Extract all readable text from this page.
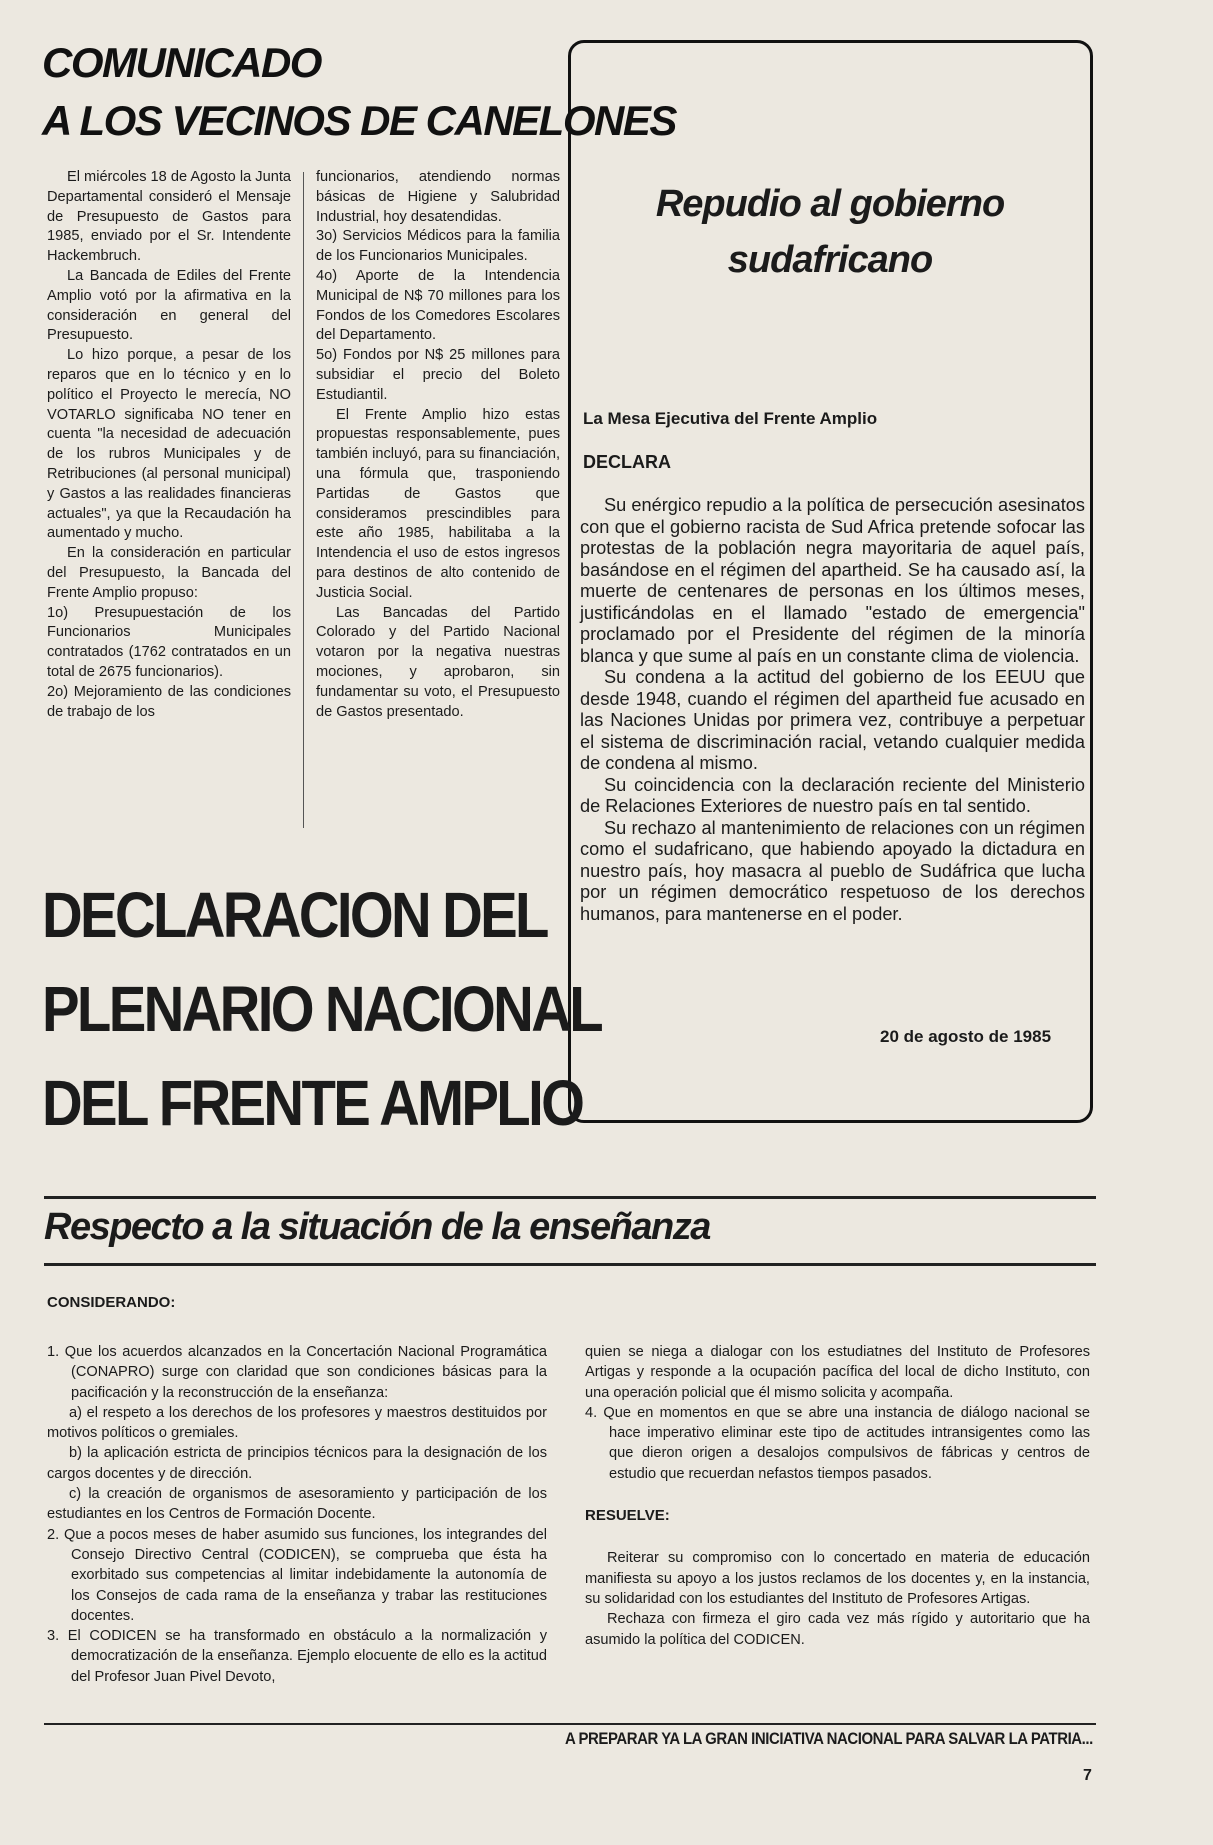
COMUNICADO
A LOS VECINOS DE CANELONES

El miércoles 18 de Agosto la Junta Departamental consideró el Mensaje de Presupuesto de Gastos para 1985, enviado por el Sr. Intendente Hackembruch.

La Bancada de Ediles del Frente Amplio votó por la afirmativa en la consideración en general del Presupuesto.

Lo hizo porque, a pesar de los reparos que en lo técnico y en lo político el Proyecto le merecía, NO VOTARLO significaba NO tener en cuenta "la necesidad de adecuación de los rubros Municipales y de Retribuciones (al personal municipal) y Gastos a las realidades financieras actuales", ya que la Recaudación ha aumentado y mucho.

En la consideración en particular del Presupuesto, la Bancada del Frente Amplio propuso:

1o) Presupuestación de los Funcionarios Municipales contratados (1762 contratados en un total de 2675 funcionarios).

2o) Mejoramiento de las condiciones de trabajo de los

funcionarios, atendiendo normas básicas de Higiene y Salubridad Industrial, hoy desatendidas.

3o) Servicios Médicos para la familia de los Funcionarios Municipales.

4o) Aporte de la Intendencia Municipal de N$ 70 millones para los Fondos de los Comedores Escolares del Departamento.

5o) Fondos por N$ 25 millones para subsidiar el precio del Boleto Estudiantil.

El Frente Amplio hizo estas propuestas responsablemente, pues también incluyó, para su financiación, una fórmula que, trasponiendo Partidas de Gastos que consideramos prescindibles para este año 1985, habilitaba a la Intendencia el uso de estos ingresos para destinos de alto contenido de Justicia Social.

Las Bancadas del Partido Colorado y del Partido Nacional votaron por la negativa nuestras mociones, y aprobaron, sin fundamentar su voto, el Presupuesto de Gastos presentado.

Repudio al gobierno
sudafricano

La Mesa Ejecutiva del Frente Amplio

DECLARA

Su enérgico repudio a la política de persecución asesinatos con que el gobierno racista de Sud Africa pretende sofocar las protestas de la población negra mayoritaria de aquel país, basándose en el régimen del apartheid. Se ha causado así, la muerte de centenares de personas en los últimos meses, justificándolas en el llamado "estado de emergencia" proclamado por el Presidente del régimen de la minoría blanca y que sume al país en un constante clima de violencia.

Su condena a la actitud del gobierno de los EEUU que desde 1948, cuando el régimen del apartheid fue acusado en las Naciones Unidas por primera vez, contribuye a perpetuar el sistema de discriminación racial, vetando cualquier medida de condena al mismo.

Su coincidencia con la declaración reciente del Ministerio de Relaciones Exteriores de nuestro país en tal sentido.

Su rechazo al mantenimiento de relaciones con un régimen como el sudafricano, que habiendo apoyado la dictadura en nuestro país, hoy masacra al pueblo de Sudáfrica que lucha por un régimen democrático respetuoso de los derechos humanos, para mantenerse en el poder.

20 de agosto de 1985

DECLARACION DEL
PLENARIO NACIONAL
DEL FRENTE AMPLIO
Respecto a la situación de la enseñanza

CONSIDERANDO:

1. Que los acuerdos alcanzados en la Concertación Nacional Programática (CONAPRO) surge con claridad que son condiciones básicas para la pacificación y la reconstrucción de la enseñanza:

a) el respeto a los derechos de los profesores y maestros destituidos por motivos políticos o gremiales.

b) la aplicación estricta de principios técnicos para la designación de los cargos docentes y de dirección.

c) la creación de organismos de asesoramiento y participación de los estudiantes en los Centros de Formación Docente.

2. Que a pocos meses de haber asumido sus funciones, los integrandes del Consejo Directivo Central (CODICEN), se comprueba que ésta ha exorbitado sus competencias al limitar indebidamente la autonomía de los Consejos de cada rama de la enseñanza y trabar las restituciones docentes.

3. El CODICEN se ha transformado en obstáculo a la normalización y democratización de la enseñanza. Ejemplo elocuente de ello es la actitud del Profesor Juan Pivel Devoto,

quien se niega a dialogar con los estudiatnes del Instituto de Profesores Artigas y responde a la ocupación pacífica del local de dicho Instituto, con una operación policial que él mismo solicita y acompaña.

4. Que en momentos en que se abre una instancia de diálogo nacional se hace imperativo eliminar este tipo de actitudes intransigentes como las que dieron origen a desalojos compulsivos de fábricas y centros de estudio que recuerdan nefastos tiempos pasados.

RESUELVE:

Reiterar su compromiso con lo concertado en materia de educación manifiesta su apoyo a los justos reclamos de los docentes y, en la instancia, su solidaridad con los estudiantes del Instituto de Profesores Artigas.

Rechaza con firmeza el giro cada vez más rígido y autoritario que ha asumido la política del CODICEN.

A PREPARAR YA LA GRAN INICIATIVA NACIONAL PARA SALVAR LA PATRIA...

7
